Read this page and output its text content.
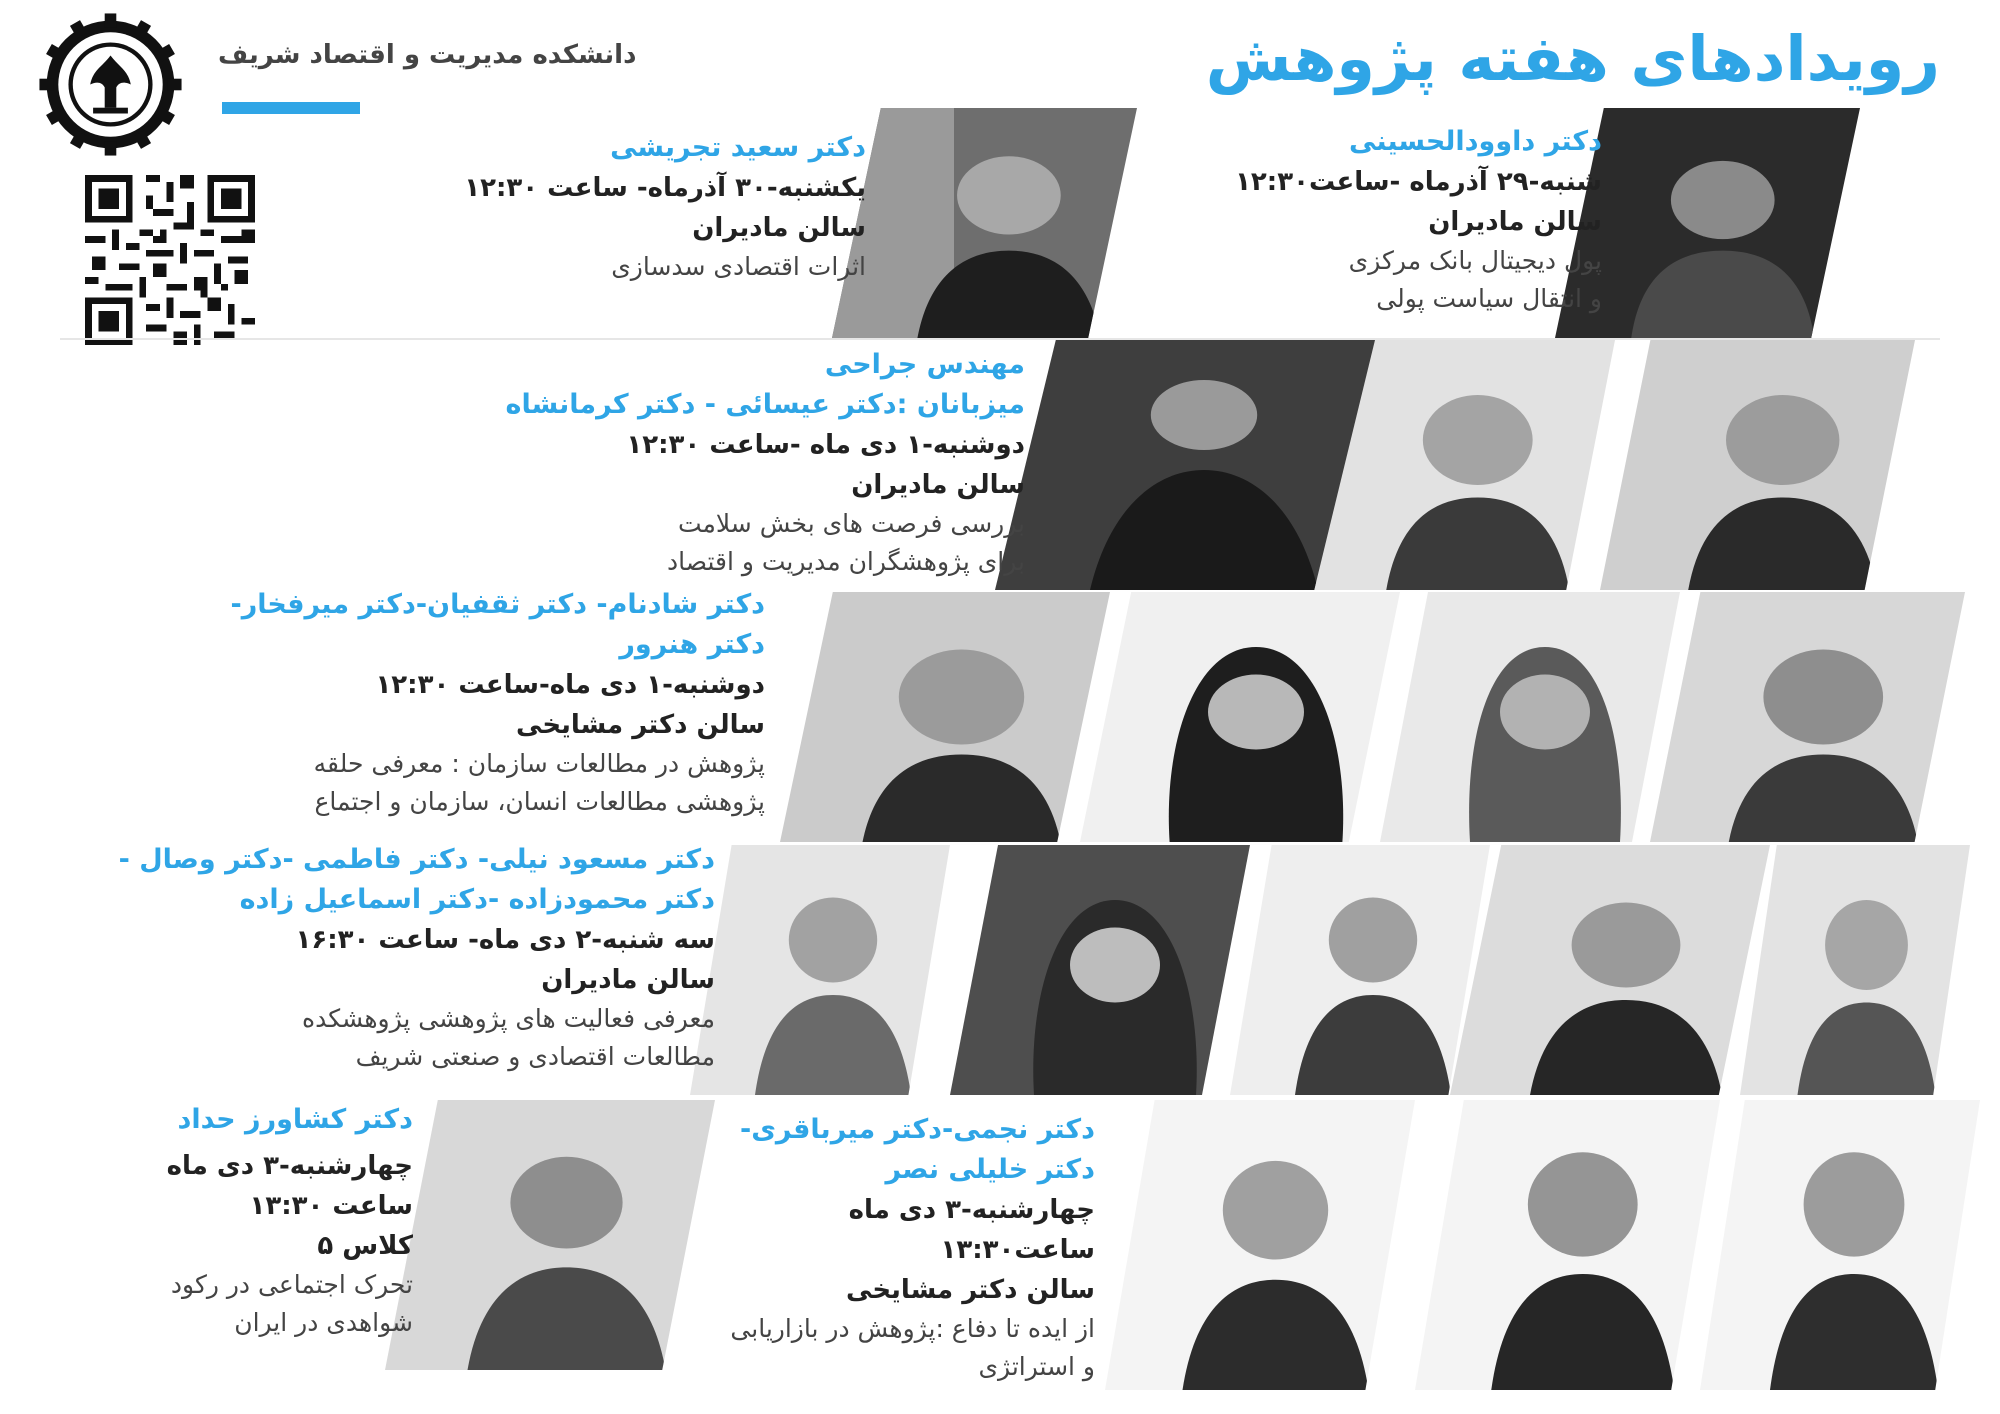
رویدادهای هفته پژوهش
دانشکده مدیریت و اقتصاد شریف
دکتر داوودالحسینی
شنبه-۲۹ آذرماه -ساعت۱۲:۳۰
سالن مادیران
پول دیجیتال بانک مرکزی
و انتقال سیاست پولی
دکتر سعید تجریشی
یکشنبه-۳۰ آذرماه- ساعت ۱۲:۳۰
سالن مادیران
اثرات اقتصادی سدسازی
مهندس جراحی
میزبانان :دکتر عیسائی - دکتر کرمانشاه
دوشنبه-۱ دی ماه -ساعت ۱۲:۳۰
سالن مادیران
بررسی فرصت های بخش سلامت
برای پژوهشگران مدیریت و اقتصاد
دکتر شادنام- دکتر ثقفیان-دکتر میرفخار-
دکتر هنرور
دوشنبه-۱ دی ماه-ساعت ۱۲:۳۰
سالن دکتر مشایخی
پژوهش در مطالعات سازمان : معرفی حلقه
پژوهشی مطالعات انسان، سازمان و اجتماع
دکتر مسعود نیلی- دکتر فاطمی -دکتر وصال -
دکتر محمودزاده -دکتر اسماعیل زاده
سه شنبه-۲ دی ماه- ساعت ۱۶:۳۰
سالن مادیران
معرفی فعالیت های پژوهشی پژوهشکده
مطالعات اقتصادی و صنعتی شریف
دکتر کشاورز حداد
چهارشنبه-۳ دی ماه
ساعت ۱۳:۳۰
کلاس ۵
تحرک اجتماعی در رکود
شواهدی در ایران
دکتر نجمی-دکتر میرباقری-
دکتر خلیلی نصر
چهارشنبه-۳ دی ماه
ساعت۱۳:۳۰
سالن دکتر مشایخی
از ایده تا دفاع :پژوهش در بازاریابی
و استراتژی
